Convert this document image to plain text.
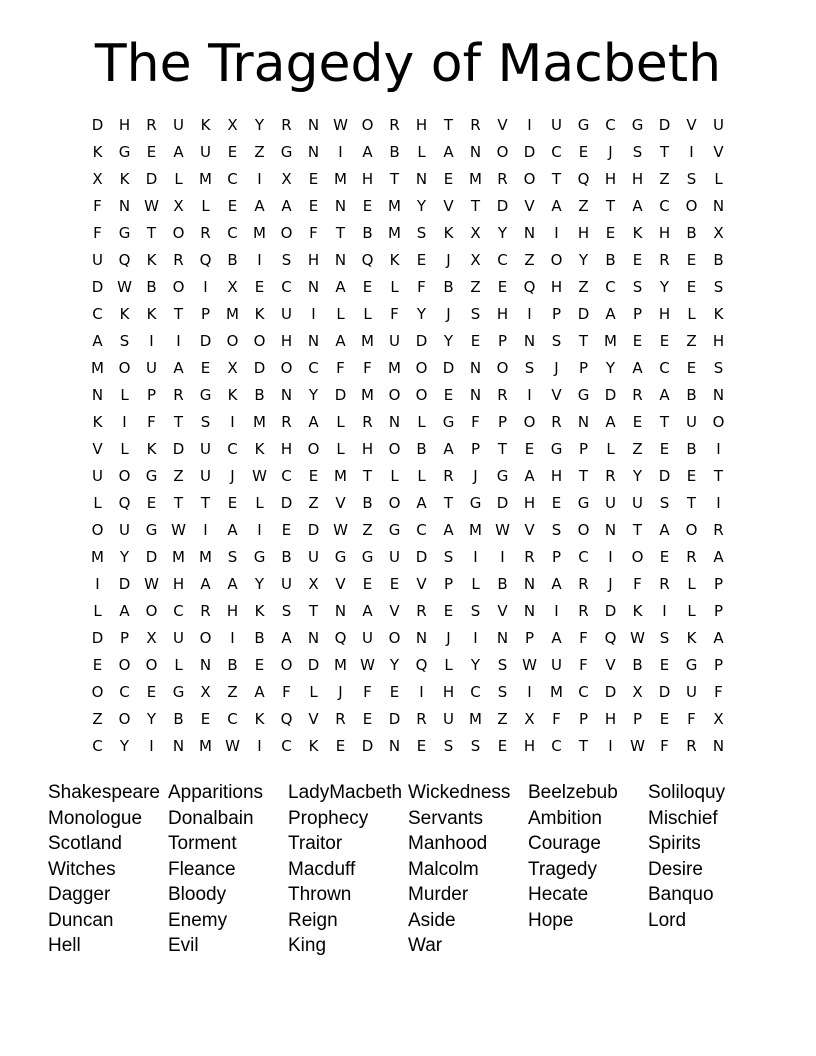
The Tragedy of Macbeth
D	H	R	U	K	X	Y	R	N W O	R	H	T	R	V	I	U	G	C	G	D	V	U
K	G	E	A	U	E	Z	G	N	I	A	B	L	A	N	O	D	C	E	J	S	T	I	V
X	K	D	L	M	C	I	X	E	M H	T	N	E	M	R	O	T	Q	H	H	Z	S	L
F	N W X	L	E	A	A	E	N	E	M	Y	V	T	D	V	A	Z	T	A	C	O	N
F	G	T	O	R	C	M O	F	T	B	M	S	K	X	Y	N	I	H	E	K	H	B	X
U	Q	K	R	Q	B	I	S	H	N	Q	K	E	J	X	C	Z	O	Y	B	E	R	E	B
D W B	O	I	X	E	C	N	A	E	L	F	B	Z	E	Q	H	Z	C	S	Y	E	S
C	K	K	T	P	M	K	U	I	L	L	F	Y	J	S	H	I	P	D	A	P	H	L	K
A	S	I	I	D	O	O	H	N	A	M	U	D	Y	E	P	N	S	T	M	E	E	Z	H
M O	U	A	E	X	D	O	C	F	F	M O	D	N	O	S	J	P	Y	A	C	E	S
N	L	P	R	G	K	B	N	Y	D M O	O	E	N	R	I	V	G	D	R	A	B	N
K	I	F	T	S	I	M	R	A	L	R	N	L	G	F	P	O	R	N	A	E	T	U	O
V	L	K	D	U	C	K	H	O	L	H	O	B	A	P	T	E	G	P	L	Z	E	B	I
U	O	G	Z	U	J	W C	E	M	T	L	L	R	J	G	A	H	T	R	Y	D	E	T
L	Q	E	T	T	E	L	D	Z	V	B	O	A	T	G	D	H	E	G	U	U	S	T	I
O	U	G W	I	A	I	E	D W Z	G	C	A	M W V	S	O	N	T	A	O	R
M	Y	D M M	S	G	B	U	G	G	U	D	S	I	I	R	P	C	I	O	E	R	A
I	D W H	A	A	Y	U	X	V	E	E	V	P	L	B	N	A	R	J	F	R	L	P
L	A	O	C	R	H	K	S	T	N	A	V	R	E	S	V	N	I	R	D	K	I	L	P
D	P	X	U	O	I	B	A	N	Q	U	O	N	J	I	N	P	A	F	Q W S	K	A
E	O	O	L	N	B	E	O	D M W Y	Q	L	Y	S W U	F	V	B	E	G	P
O	C	E	G	X	Z	A	F	L	J	F	E	I	H	C	S	I	M	C	D	X	D	U	F
Z	O	Y	B	E	C	K	Q	V	R	E	D	R	U	M	Z	X	F	P	H	P	E	F	X
C	Y	I	N M W	I	C	K	E	D	N	E	S	S	E	H	C	T	I	W	F	R	N
Shakespeare
Monologue
Scotland
Witches
Dagger
Duncan
Hell
Apparitions
Donalbain
Torment
Fleance
Bloody
Enemy
Evil
LadyMacbeth
Prophecy
Traitor
Macduff
Thrown
Reign
King
Wickedness
Servants
Manhood
Malcolm
Murder
Aside
War
Beelzebub
Ambition
Courage
Tragedy
Hecate
Hope
Soliloquy
Mischief
Spirits
Desire
Banquo
Lord
